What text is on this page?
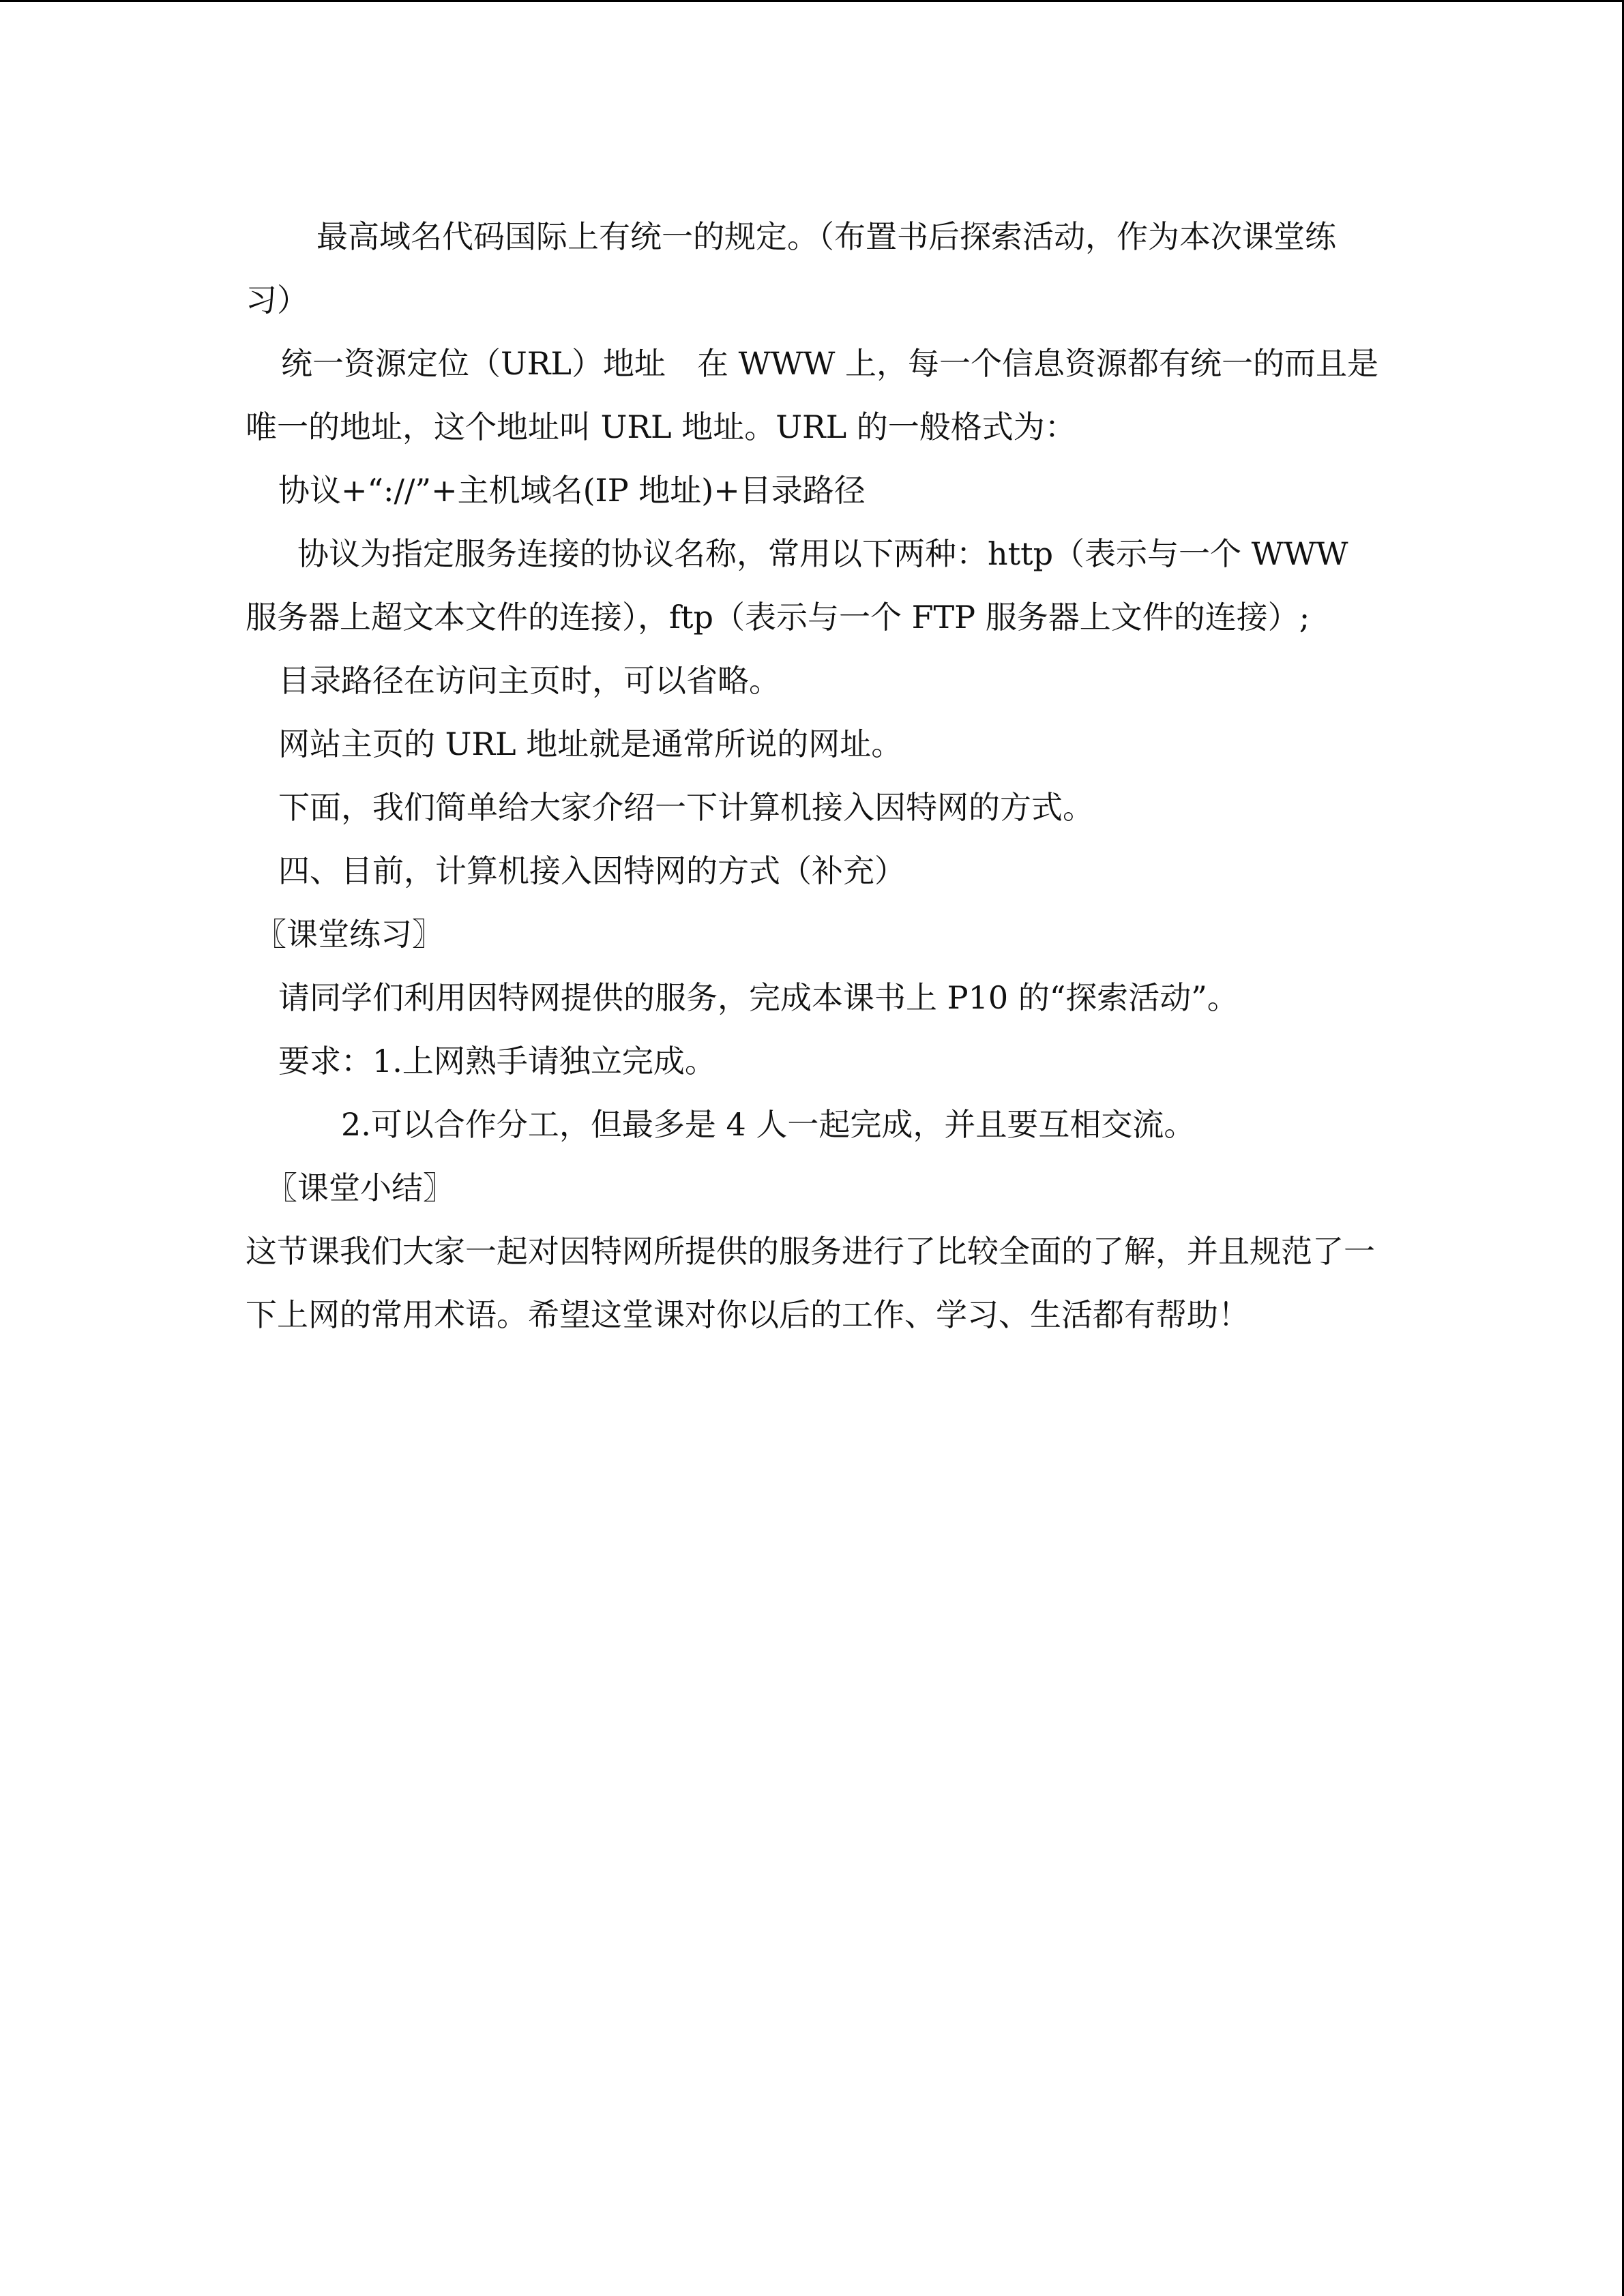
最高域名代码国际上有统一的规定。（布置书后探索活动，作为本次课堂练习）

统一资源定位（URL）地址　在 WWW 上，每一个信息资源都有统一的而且是唯一的地址，这个地址叫 URL 地址。URL 的一般格式为：

协议+“://”+主机域名(IP 地址)+目录路径

协议为指定服务连接的协议名称，常用以下两种：http（表示与一个 WWW 服务器上超文本文件的连接），ftp（表示与一个 FTP 服务器上文件的连接）;

目录路径在访问主页时，可以省略。

网站主页的 URL 地址就是通常所说的网址。

下面，我们简单给大家介绍一下计算机接入因特网的方式。

四、目前，计算机接入因特网的方式（补充）

〖课堂练习〗

请同学们利用因特网提供的服务，完成本课书上 P10 的“探索活动”。

要求：1.上网熟手请独立完成。

2.可以合作分工，但最多是 4 人一起完成，并且要互相交流。

〖课堂小结〗

这节课我们大家一起对因特网所提供的服务进行了比较全面的了解，并且规范了一下上网的常用术语。希望这堂课对你以后的工作、学习、生活都有帮助！
